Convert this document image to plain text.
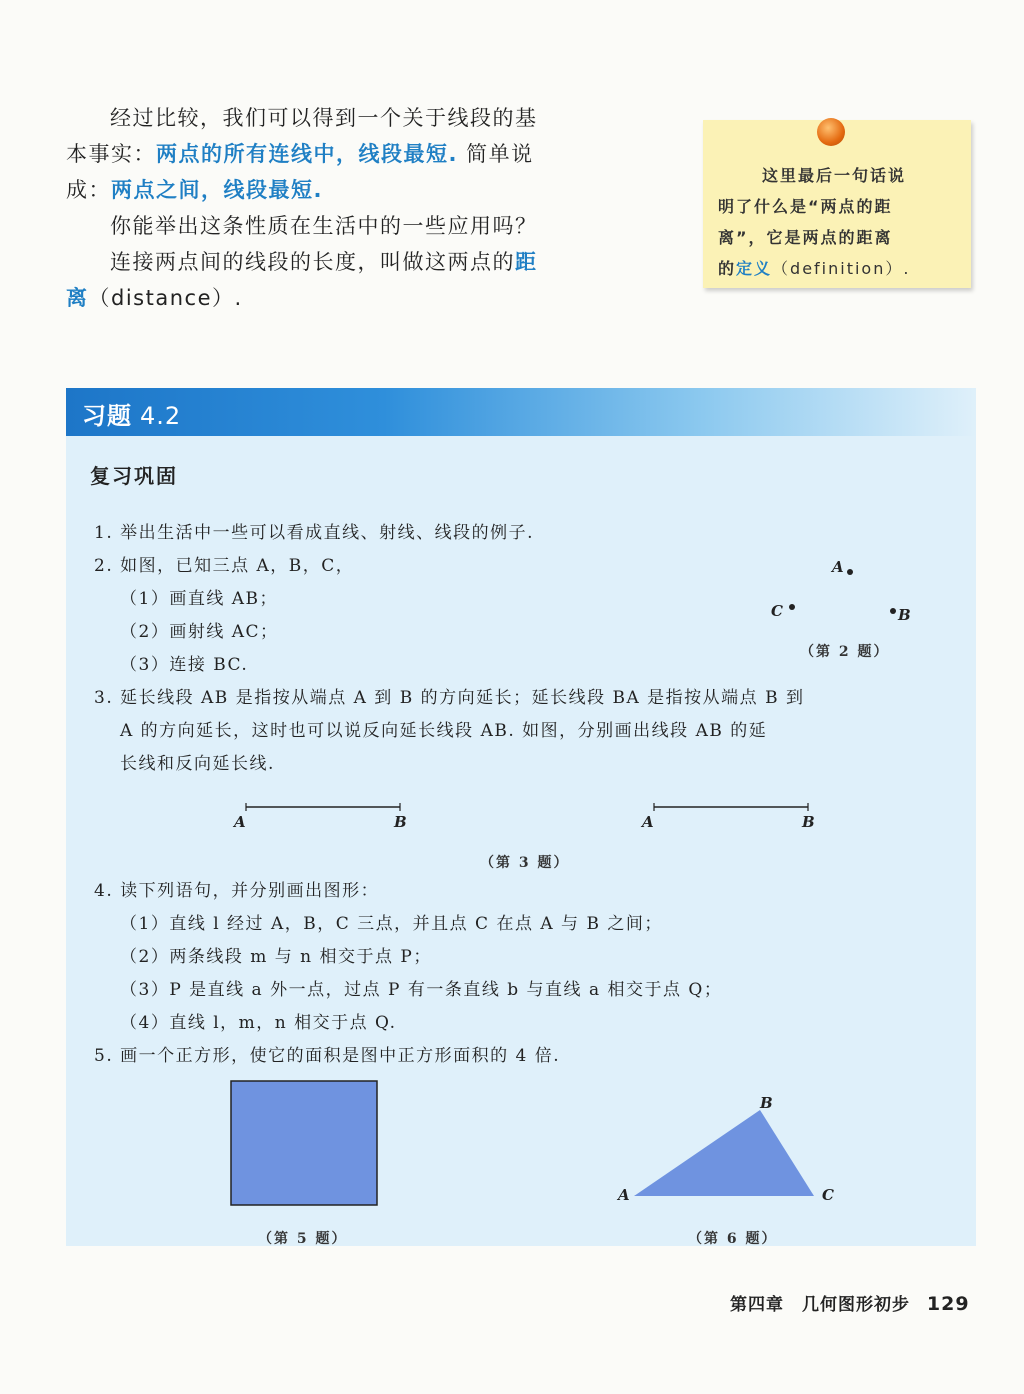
经过比较，我们可以得到一个关于线段的基
本事实：两点的所有连线中，线段最短. 简单说
成：两点之间，线段最短.
你能举出这条性质在生活中的一些应用吗？
连接两点间的线段的长度，叫做这两点的距
离（distance）.
这里最后一句话说
明了什么是“两点的距
离”，它是两点的距离
的定义（definition）.
习题 4.2
复习巩固
1. 举出生活中一些可以看成直线、射线、线段的例子.
2. 如图，已知三点 A，B，C，
（1）画直线 AB；
（2）画射线 AC；
（3）连接 BC.
A
C	B
（第 2 题）
3. 延长线段 AB 是指按从端点 A 到 B 的方向延长；延长线段 BA 是指按从端点 B 到
A 的方向延长，这时也可以说反向延长线段 AB. 如图，分别画出线段 AB 的延
长线和反向延长线.
A	B	A	B
（第 3 题）
4. 读下列语句，并分别画出图形：
（1）直线 l 经过 A，B，C 三点，并且点 C 在点 A 与 B 之间；
（2）两条线段 m 与 n 相交于点 P；
（3）P 是直线 a 外一点，过点 P 有一条直线 b 与直线 a 相交于点 Q；
（4）直线 l，m，n 相交于点 Q.
5. 画一个正方形，使它的面积是图中正方形面积的 4 倍.
（第 5 题）
B
A	C
（第 6 题）
第四章　几何图形初步 129
